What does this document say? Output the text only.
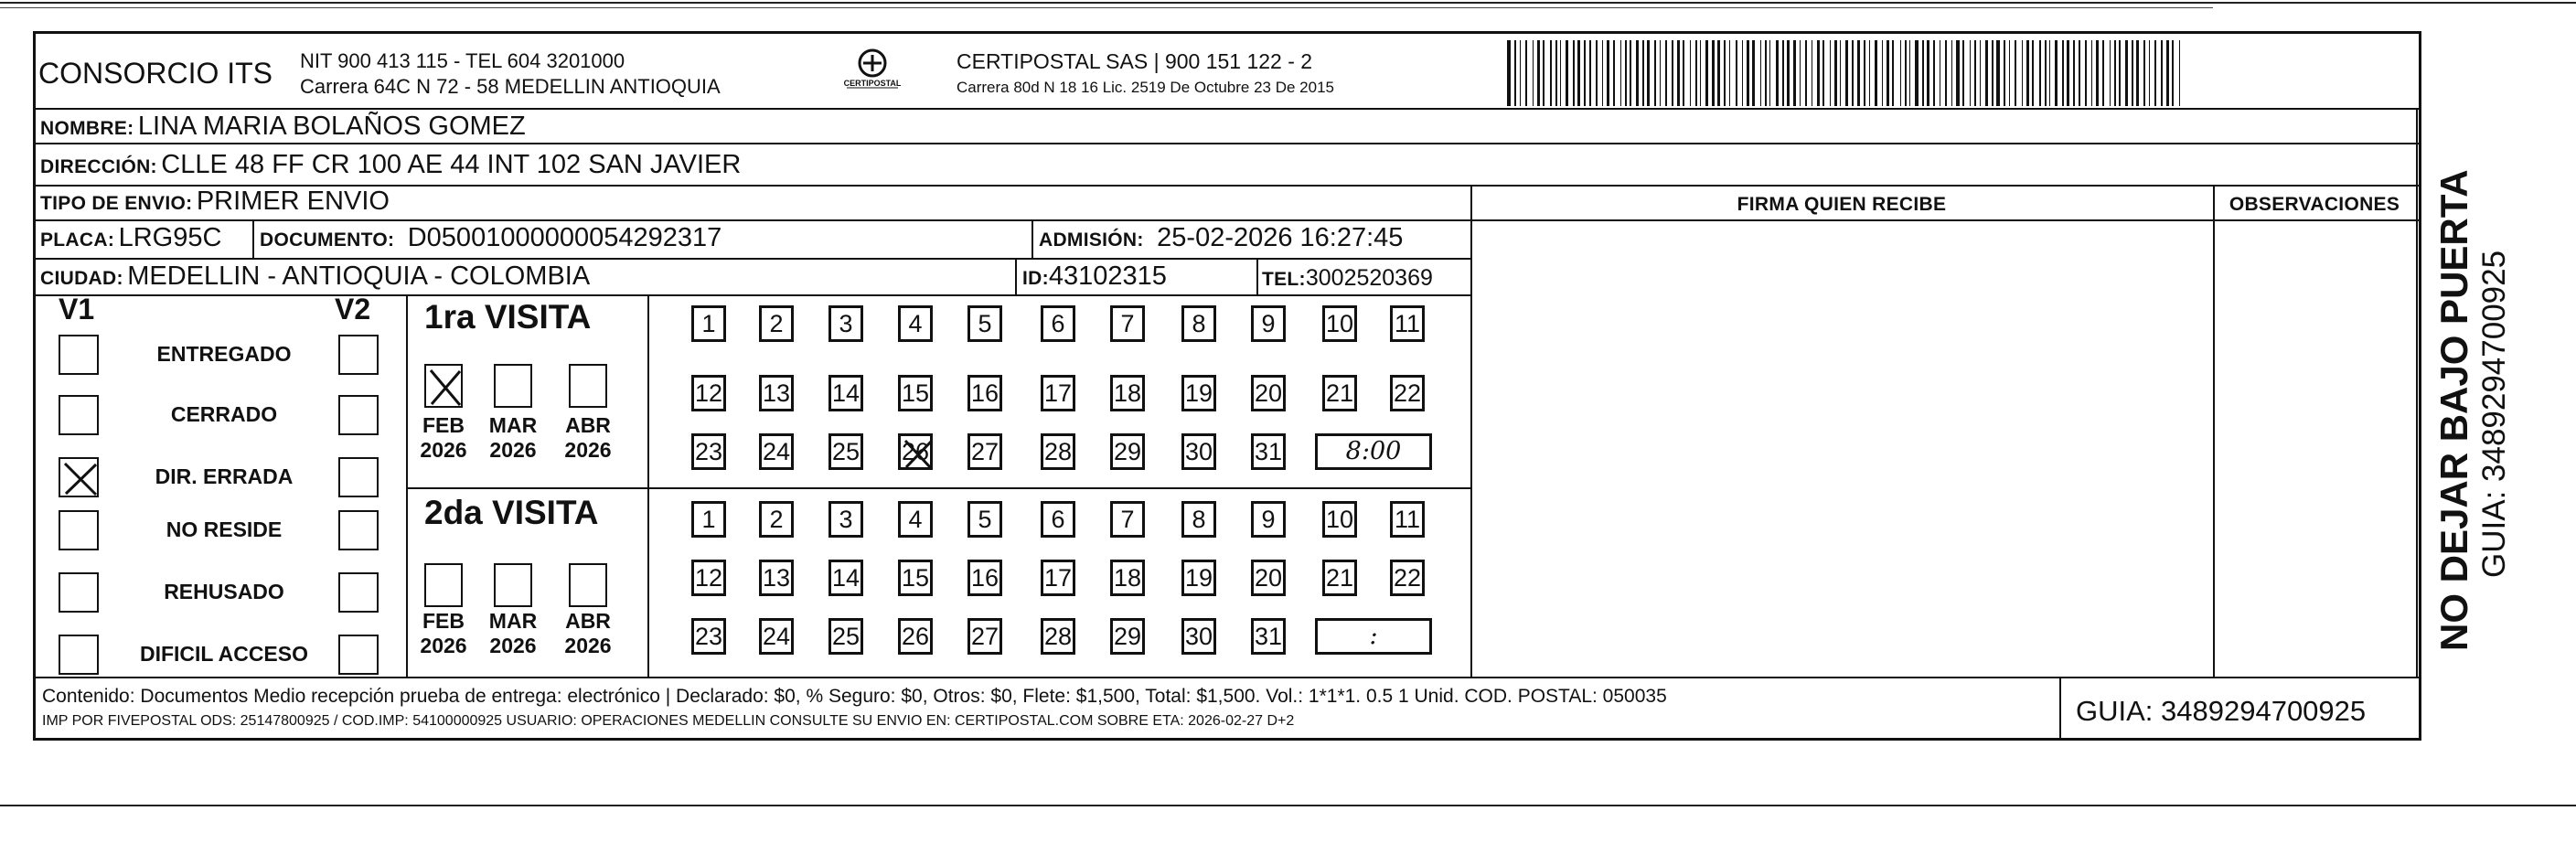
CONSORCIO ITS NIT 900 413 115 - TEL 604 3201000
Carrera 64C N 72 - 58 MEDELLIN ANTIOQUIA	CERTIPOSTAL
CERTIPOSTAL SAS | 900 151 122 - 2
Carrera 80d N 18 16 Lic. 2519 De Octubre 23 De 2015
NOMBRE: LINA MARIA BOLAÑOS GOMEZ
DIRECCIÓN: CLLE 48 FF CR 100 AE 44 INT 102 SAN JAVIER
TIPO DE ENVIO: PRIMER ENVIO
PLACA: LRG95C DOCUMENTO: D05001000000054292317	ADMISIÓN: 25-02-2026 16:27:45
CIUDAD: MEDELLIN - ANTIOQUIA - COLOMBIA	ID:43102315	TEL:3002520369
FIRMA QUIEN RECIBE	OBSERVACIONES
V1	V2
ENTREGADO
CERRADO
DIR. ERRADA
NO RESIDE
REHUSADO
DIFICIL ACCESO
1ra VISITA
2da VISITA
FEB
2026
MAR
2026
ABR
2026
FEB
2026
MAR
2026
ABR
2026
1	2	3	4	5	6	7	8	9	10 11
12 13 14 15 16 17 18 19 20 21 22
23 24 25 26 27 28 29 30 31	8:00
1	2	3	4	5	6	7	8	9	10 11
12 13 14 15 16 17 18 19 20 21 22
23 24 25 26 27 28 29 30 31	:
Contenido: Documentos Medio recepción prueba de entrega: electrónico | Declarado: $0, % Seguro: $0, Otros: $0, Flete: $1,500, Total: $1,500. Vol.: 1*1*1. 0.5 1 Unid. COD. POSTAL: 050035
IMP POR FIVEPOSTAL ODS: 25147800925 / COD.IMP: 54100000925 USUARIO: OPERACIONES MEDELLIN CONSULTE SU ENVIO EN: CERTIPOSTAL.COM SOBRE ETA: 2026-02-27 D+2	GUIA: 3489294700925
NO DEJAR BAJO PUERTA GUIA: 3489294700925
